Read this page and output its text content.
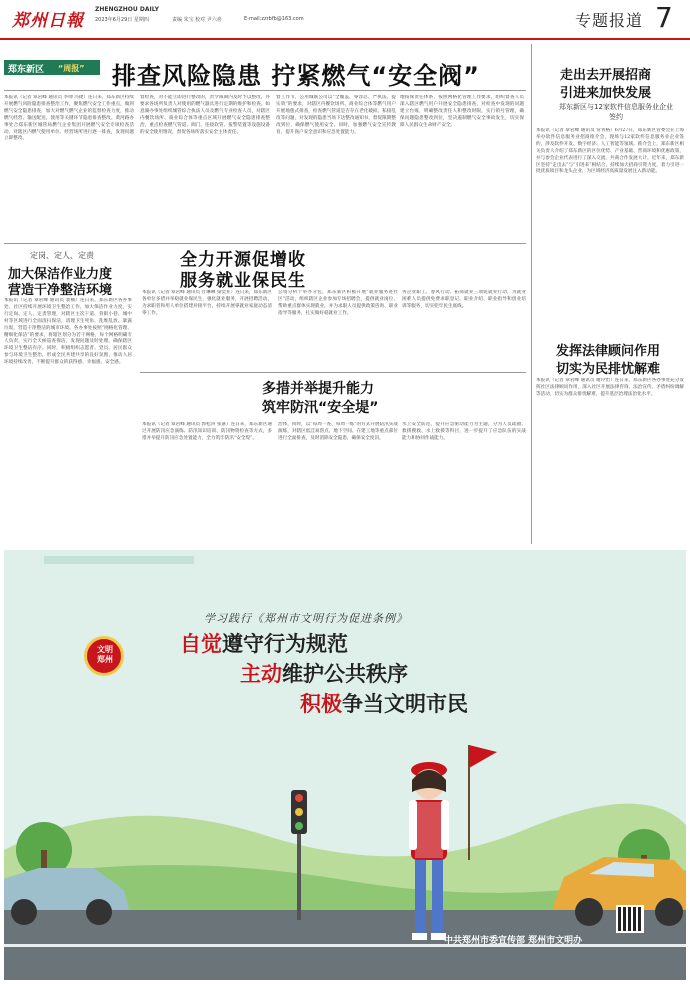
郑州日報
ZHENGZHOU DAILY
2023年6月29日 星期四	责编 朱宝 校对 尹六喜	E-mail:zzrbfb@163.com	专题报道 7
郑东新区 “周报” 排查风险隐患 拧紧燃气“安全阀”
本报讯（记者 覃岩峰 通讯员 李帅 冯捷）连日来，郑东新区持续开展燃气风险隐患排查整治工作，聚焦燃气安全工作重点，做到燃气安全隐患排查，加大对燃气燃气企业的监督检查力度，推动燃气经营、输送配送、使用等关键环节隐患排查整改。黄河路办事处合郑东新区城管局燃气企业集团开展燃气安全专项检查活动，对辖区内燃气使用单位、经营场所进行逐一排查，发现问题立即整改。
督检查，对不能立即进行整改的，责令限期内及时予以整改，并要求各场所负责人对使用的燃气器具进行定期的维护和检查。如意湖办事处组织城管综合执法人员及燃气专业检查人员，对辖区内餐饮场所、商业综合体等重点区域开展燃气安全隐患排查整治，重点检查燃气管道、阀门、连接软管、报警装置等设施设备的安全使用情况，督促各场所落实安全主体责任。
督工作节，公用城联公司以“全覆盖、零容忍、严执法、提实效”的要求，对辖区内餐饮场所、商业综合体等燃气用户开展地毯式排查，检查燃气管道是否存在老化破损、私接乱改等问题，对发现的隐患当场下达整改通知书，督促限期整改到位，确保燃气使用安全。同时，加强燃气安全宣传教育，提升商户安全意识和应急处置能力。
地按保责任体系，按照网格化管理工作要求，组织督查人员深入辖区燃气用户开展安全隐患排查，对检查中发现的问题建立台账，明确整改责任人和整改时限，实行销号管理，确保问题隐患整改到位，坚决遏制燃气安全事故发生，切实保障人民群众生命财产安全。
定岗、定人、定责
加大保洁作业力度
营造干净整洁环境
本报讯（记者 覃岩峰 通讯员 裴楠）连日来，郑东新区各办事处、社区持续开展环境卫生整治工作，加大保洁作业力度，实行定岗、定人、定责管理，对辖区主次干道、背街小巷、城中村等区域进行全面清扫保洁，清理卫生死角、乱堆乱放、暴露垃圾，营造干净整洁的城市环境。各办事处按照“网格化管理、精细化保洁”的要求，将辖区划分为若干网格，每个网格明确专人负责，实行全天候巡查保洁，发现问题及时处理，确保辖区环境卫生整洁有序。同时，积极组织志愿者、党员、居民群众参与环境卫生整治，形成全民共建共享的良好氛围，推动人居环境持续改善，不断提升群众的获得感、幸福感、安全感。
全力开源促增收
服务就业保民生
本报讯（记者 覃岩峰 通讯员 甘琳琳 梁奕亚）连日来，郑东新区各单位多措并举稳就业保民生，强化就业服务，开展招聘活动，为求职者和用人单位搭建对接平台，持续开展零就业家庭动态清零工作。
公资分析于举办分包，郑东新区积极开展“就业服务进社区”活动，组织辖区企业参加专场招聘会，提供就业岗位，帮助重点群体实现就业，并为求职人员提供政策咨询、职业指导等服务，扎实做好稳就业工作。
务企业职工、春风行动、拓岗就业三项促就业行动，为就业困难人员提供免费求职登记、职业介绍、职业指导和创业培训等服务，切实兜牢民生底线。
多措并举提升能力
筑牢防汛“安全堤”
本报讯（记者 覃岩峰 通讯员 郭松涛 张嘉）连日来，郑东新区通过开展防汛应急演练、防汛知识培训、防汛物资检查等方式，多措并举提升防汛应急处置能力，全力筑牢防汛“安全堤”。
治体，同时，以“每周一查、每周一练”的方式开展防汛实战演练，对辖区低洼易涝点、地下空间、在建工地等重点部位进行全面排查，及时消除安全隐患，确保安全度汛。
水上安全防范，提升应急驱动能力为主题，分为人员疏散、救援搜救、水上救援等科目，进一步提升了应急队伍的实战能力和协同作战能力。
走出去开展招商
引进来加快发展
郑东新区与12家软件信息服务业企业签约
本报讯（记者 覃岩峰 通讯员 常青格）6月27日，郑东新区管委会在上海举办软件信息服务业招商推介会，现场与12家软件信息服务业企业签约，涉及软件开发、数字经济、人工智能等领域。推介会上，郑东新区相关负责人介绍了郑东新区的区位优势、产业基础、营商环境和优惠政策，并与参会企业代表进行了深入交流，共商合作发展大计。近年来，郑东新区坚持“走出去”与“引进来”相结合，持续加大招商引资力度，着力引进一批优质项目和龙头企业，为区域经济高质量发展注入新动能。
发挥法律顾问作用
切实为民排忧解难
本报讯（记者 覃岩峰 通讯员 谢玲怡）连日来，郑东新区各办事处充分发挥社区法律顾问作用，深入社区开展法律咨询、法治宣传、矛盾纠纷调解等活动，切实为群众排忧解难，提升基层治理法治化水平。
文明郑州
学习践行《郑州市文明行为促进条例》
自觉遵守行为规范
主动维护公共秩序
积极争当文明市民
中共郑州市委宣传部 郑州市文明办
